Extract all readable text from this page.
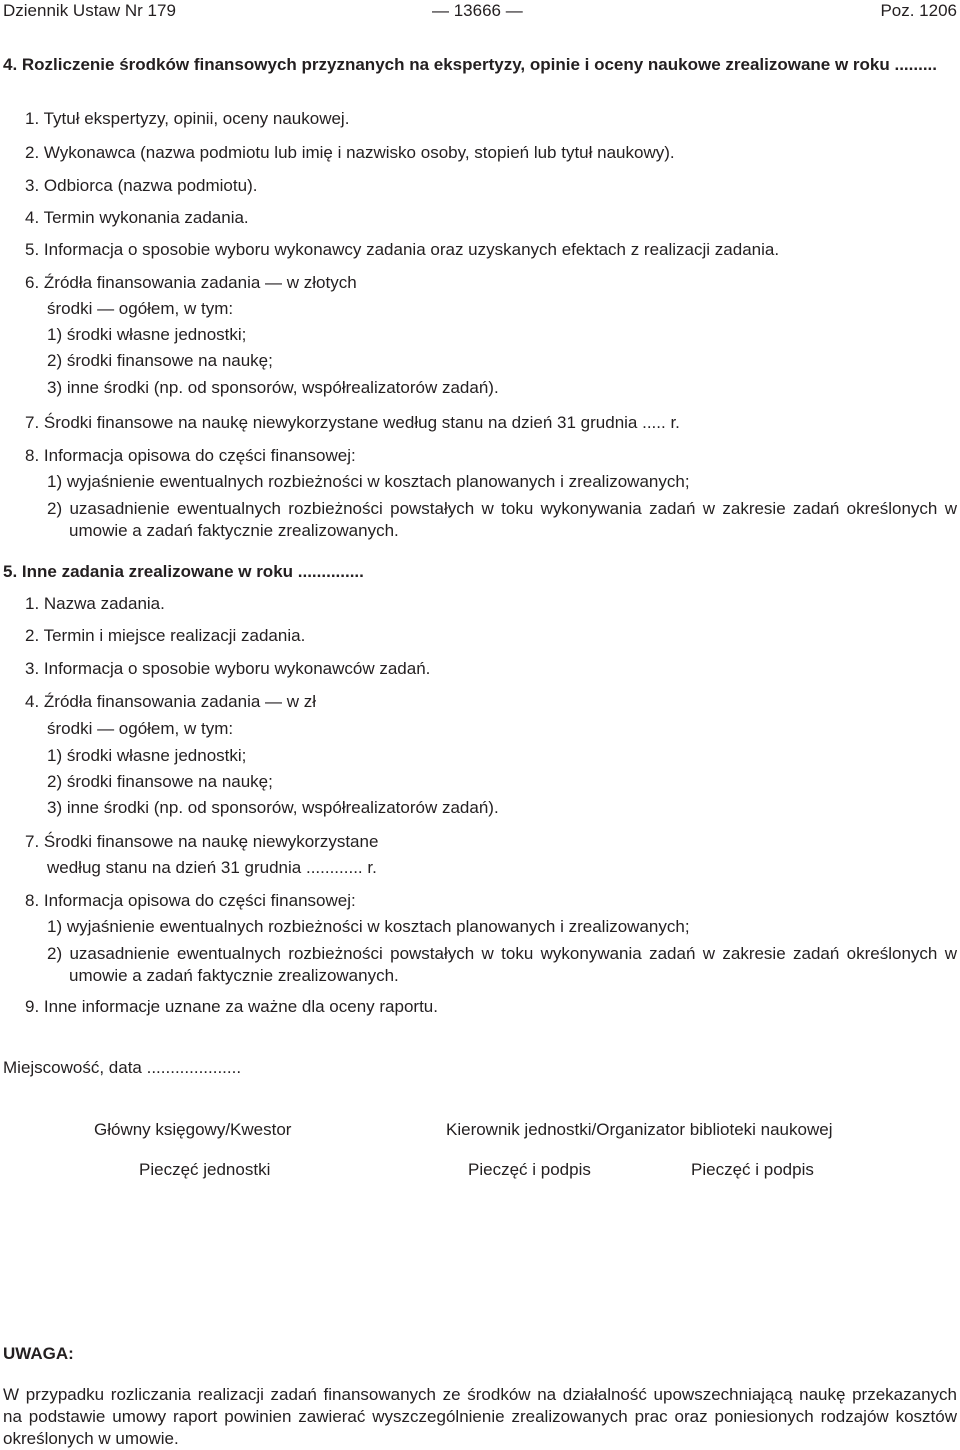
Dziennik Ustaw Nr 179	— 13666 —	Poz. 1206
4. Rozliczenie środków finansowych przyznanych na ekspertyzy, opinie i oceny naukowe zrealizowane w roku .........
1. Tytuł ekspertyzy, opinii, oceny naukowej.
2. Wykonawca (nazwa podmiotu lub imię i nazwisko osoby, stopień lub tytuł naukowy).
3. Odbiorca (nazwa podmiotu).
4. Termin wykonania zadania.
5. Informacja o sposobie wyboru wykonawcy zadania oraz uzyskanych efektach z realizacji zadania.
6. Źródła finansowania zadania — w złotych
środki — ogółem, w tym:
1) środki własne jednostki;
2) środki finansowe na naukę;
3) inne środki (np. od sponsorów, współrealizatorów zadań).
7. Środki finansowe na naukę niewykorzystane według stanu na dzień 31 grudnia ..... r.
8. Informacja opisowa do części finansowej:
1) wyjaśnienie ewentualnych rozbieżności w kosztach planowanych i zrealizowanych;
2) uzasadnienie ewentualnych rozbieżności powstałych w toku wykonywania zadań w zakresie zadań określonych w umowie a zadań faktycznie zrealizowanych.
5. Inne zadania zrealizowane w roku ..............
1. Nazwa zadania.
2. Termin i miejsce realizacji zadania.
3. Informacja o sposobie wyboru wykonawców zadań.
4. Źródła finansowania zadania — w zł
środki — ogółem, w tym:
1) środki własne jednostki;
2) środki finansowe na naukę;
3) inne środki (np. od sponsorów, współrealizatorów zadań).
7. Środki finansowe na naukę niewykorzystane
według stanu na dzień 31 grudnia ............ r.
8. Informacja opisowa do części finansowej:
1) wyjaśnienie ewentualnych rozbieżności w kosztach planowanych i zrealizowanych;
2) uzasadnienie ewentualnych rozbieżności powstałych w toku wykonywania zadań w zakresie zadań określonych w umowie a zadań faktycznie zrealizowanych.
9. Inne informacje uznane za ważne dla oceny raportu.
Miejscowość, data ....................
Główny księgowy/Kwestor	Kierownik jednostki/Organizator biblioteki naukowej
Pieczęć jednostki	Pieczęć i podpis	Pieczęć i podpis
UWAGA:
W przypadku rozliczania realizacji zadań finansowanych ze środków na działalność upowszechniającą naukę przekazanych na podstawie umowy raport powinien zawierać wyszczególnienie zrealizowanych prac oraz poniesionych rodzajów kosztów określonych w umowie.
